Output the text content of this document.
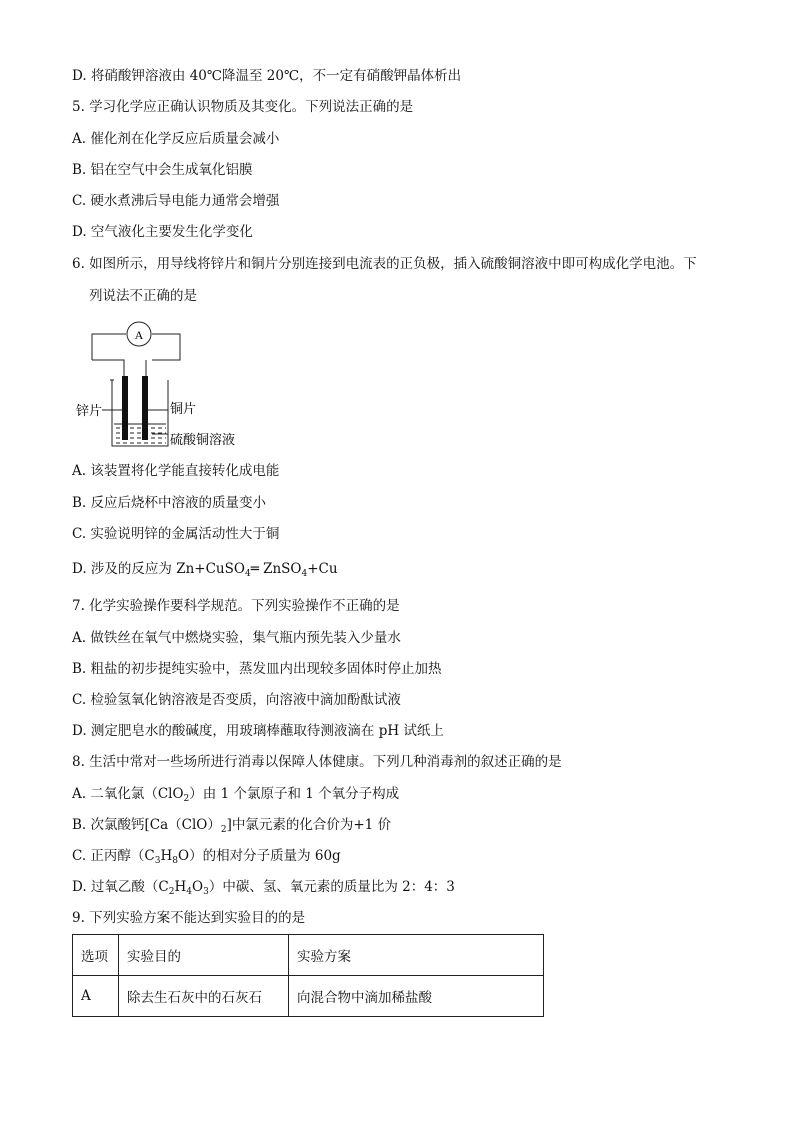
D. 将硝酸钾溶液由 40℃降温至 20℃，不一定有硝酸钾晶体析出
5. 学习化学应正确认识物质及其变化。下列说法正确的是
A. 催化剂在化学反应后质量会减小
B. 铝在空气中会生成氧化铝膜
C. 硬水煮沸后导电能力通常会增强
D. 空气液化主要发生化学变化
6. 如图所示，用导线将锌片和铜片分别连接到电流表的正负极，插入硫酸铜溶液中即可构成化学电池。下
列说法不正确的是
A
锌片	铜片
硫酸铜溶液
A. 该装置将化学能直接转化成电能
B. 反应后烧杯中溶液的质量变小
C. 实验说明锌的金属活动性大于铜
D. 涉及的反应为 Zn+CuSO$_4$═ ZnSO$_4$+Cu
7. 化学实验操作要科学规范。下列实验操作不正确的是
A. 做铁丝在氧气中燃烧实验，集气瓶内预先装入少量水
B. 粗盐的初步提纯实验中，蒸发皿内出现较多固体时停止加热
C. 检验氢氧化钠溶液是否变质，向溶液中滴加酚酞试液
D. 测定肥皂水的酸碱度，用玻璃棒蘸取待测液滴在 pH 试纸上
8. 生活中常对一些场所进行消毒以保障人体健康。下列几种消毒剂的叙述正确的是
A. 二氧化氯（ClO$_2$）由 1 个氯原子和 1 个氧分子构成
B. 次氯酸钙$[Ca(ClO)_2]$中氯元素的化合价为+1 价
C. 正丙醇$(C_3H_8O)$的相对分子质量为 60g
D. 过氧乙酸$(C_2H_4O_3)$中碳、氢、氧元素的质量比为 2：4：3
9. 下列实验方案不能达到实验目的的是
选项	实验目的	实验方案
A	除去生石灰中的石灰石	向混合物中滴加稀盐酸
